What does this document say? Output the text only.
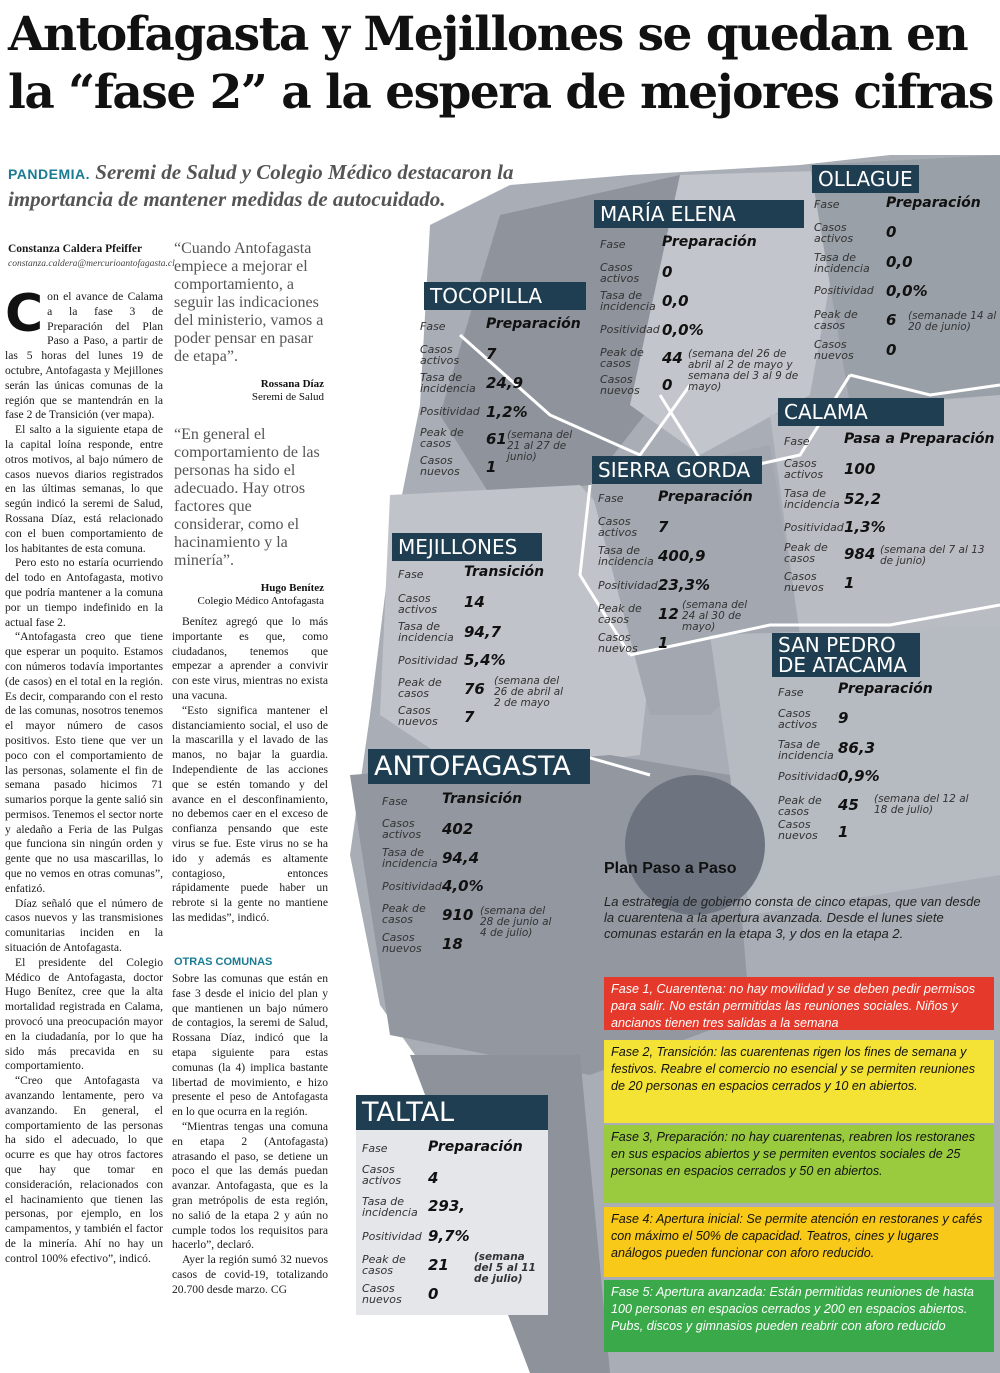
Antofagasta y Mejillones se quedan en la “fase 2” a la espera de mejores cifras
PANDEMIA. Seremi de Salud y Colegio Médico destacaron la importancia de mantener medidas de autocuidado.
Constanza Caldera Pfeiffer
constanza.caldera@mercurioantofagasta.cl

Con el avance de Calama a la fase 3 de Preparación del Plan Paso a Paso, a partir de las 5 horas del lunes 19 de octubre, Antofagasta y Mejillones serán las únicas comunas de la región que se mantendrán en la fase 2 de Transición (ver mapa).

El salto a la siguiente etapa de la capital loína responde, entre otros motivos, al bajo número de casos nuevos diarios registrados en las últimas semanas, lo que según indicó la seremi de Salud, Rossana Díaz, está relacionado con el buen comportamiento de los habitantes de esta comuna.

Pero esto no estaría ocurriendo del todo en Antofagasta, motivo que podría mantener a la comuna por un tiempo indefinido en la actual fase 2.

“Antofagasta creo que tiene que esperar un poquito. Estamos con números todavía importantes (de casos) en el total en la región. Es decir, comparando con el resto de las comunas, nosotros tenemos el mayor número de casos positivos. Esto tiene que ver un poco con el comportamiento de las personas, solamente el fin de semana pasado hicimos 71 sumarios porque la gente salió sin permisos. Tenemos el sector norte y aledaño a Feria de las Pulgas que funciona sin ningún orden y gente que no usa mascarillas, lo que no vemos en otras comunas”, enfatizó.

Díaz señaló que el número de casos nuevos y las transmisiones comunitarias inciden en la situación de Antofagasta.

El presidente del Colegio Médico de Antofagasta, doctor Hugo Benítez, cree que la alta mortalidad registrada en Calama, provocó una preocupación mayor en la ciudadanía, por lo que ha sido más precavida en su comportamiento.

“Creo que Antofagasta va avanzando lentamente, pero va avanzando. En general, el comportamiento de las personas ha sido el adecuado, lo que ocurre es que hay otros factores que hay que tomar en consideración, relacionados con el hacinamiento que tienen las personas, por ejemplo, en los campamentos, y también el factor de la minería. Ahí no hay un control 100% efectivo”, indicó.

“Cuando Antofagasta empiece a mejorar el comportamiento, a seguir las indicaciones del ministerio, vamos a poder pensar en pasar de etapa”.
Rossana Díaz
Seremi de Salud
“En general el comportamiento de las personas ha sido el adecuado. Hay otros factores que considerar, como el hacinamiento y la minería”.
Hugo Benítez
Colegio Médico Antofagasta

Benítez agregó que lo más importante es que, como ciudadanos, tenemos que empezar a aprender a convivir con este virus, mientras no exista una vacuna.

“Esto significa mantener el distanciamiento social, el uso de la mascarilla y el lavado de las manos, no bajar la guardia. Independiente de las acciones que se estén tomando y del avance en el desconfinamiento, no debemos caer en el exceso de confianza pensando que este virus se fue. Este virus no se ha ido y además es altamente contagioso, entonces rápidamente puede haber un rebrote si la gente no mantiene las medidas”, indicó.

OTRAS COMUNAS

Sobre las comunas que están en fase 3 desde el inicio del plan y que mantienen un bajo número de contagios, la seremi de Salud, Rossana Díaz, indicó que la etapa siguiente para estas comunas (la 4) implica bastante libertad de movimiento, e hizo presente el peso de Antofagasta en lo que ocurra en la región.

“Mientras tengas una comuna en etapa 2 (Antofagasta) atrasando el paso, se detiene un poco el que las demás puedan avanzar. Antofagasta, que es la gran metrópolis de esta región, no salió de la etapa 2 y aún no cumple todos los requisitos para hacerlo”, declaró.

Ayer la región sumó 32 nuevos casos de covid-19, totalizando 20.700 desde marzo. CG

OLLAGUE
Fase	Preparación
Casos activos	0
Tasa de incidencia	0,0
Positividad 0,0%
Peak de casos	6 (semanade 14 al 20 de junio)
Casos nuevos	0
MARÍA ELENA
Fase	Preparación
Casos activos	0
Tasa de incidencia 0,0
Positividad 0,0%
Peak de casos	44 (semana del 26 de abril al 2 de mayo y semana del 3 al 9 de mayo)
Casos nuevos	0
TOCOPILLA
Fase	Preparación
Casos activos	7
Tasa de incidencia 24,9
Positividad 1,2%
Peak de casos	61 (semana del 21 al 27 de junio)
Casos nuevos	1
CALAMA
Fase Pasa a Preparación
Casos activos	100
Tasa de incidencia 52,2
Positividad 1,3%
Peak de casos	984 (semana del 7 al 13 de junio)
Casos nuevos	1
SIERRA GORDA
Fase Preparación
Casos activos	7
Tasa de incidencia 400,9
Positividad 23,3%
Peak de casos	12 (semana del 24 al 30 de mayo)
Casos nuevos	1
MEJILLONES
Fase	Transición
Casos activos	14
Tasa de incidencia 94,7
Positividad 5,4%
Peak de casos	76 (semana del 26 de abril al 2 de mayo
Casos nuevos	7
SAN PEDRO
DE ATACAMA
Fase Preparación
Casos activos	9
Tasa de incidencia 86,3
Positividad 0,9%
Peak de casos	45 (semana del 12 al 18 de julio)
Casos nuevos	1
ANTOFAGASTA
Fase Transición
Casos activos	402
Tasa de incidencia 94,4
Positividad 4,0%
Peak de casos	910 (semana del 28 de junio al 4 de julio)
Casos nuevos	18
TALTAL
Fase	Preparación
Casos activos	4
Tasa de incidencia 293,
Positividad 9,7%
Peak de casos	21 (semana del 5 al 11 de julio)
Casos nuevos	0
Plan Paso a Paso
La estrategia de gobierno consta de cinco etapas, que van desde la cuarentena a la apertura avanzada. Desde el lunes siete comunas estarán en la etapa 3, y dos en la etapa 2.
Fase 1, Cuarentena: no hay movilidad y se deben pedir permisos para salir. No están permitidas las reuniones sociales. Niños y ancianos tienen tres salidas a la semana
Fase 2, Transición: las cuarentenas rigen los fines de semana y festivos. Reabre el comercio no esencial y se permiten reuniones de 20 personas en espacios cerrados y 10 en abiertos.
Fase 3, Preparación: no hay cuarentenas, reabren los restoranes en sus espacios abiertos y se permiten eventos sociales de 25 personas en espacios cerrados y 50 en abiertos.
Fase 4: Apertura inicial: Se permite atención en restoranes y cafés con máximo el 50% de capacidad. Teatros, cines y lugares análogos pueden funcionar con aforo reducido.
Fase 5: Apertura avanzada: Están permitidas reuniones de hasta 100 personas en espacios cerrados y 200 en espacios abiertos. Pubs, discos y gimnasios pueden reabrir con aforo reducido
